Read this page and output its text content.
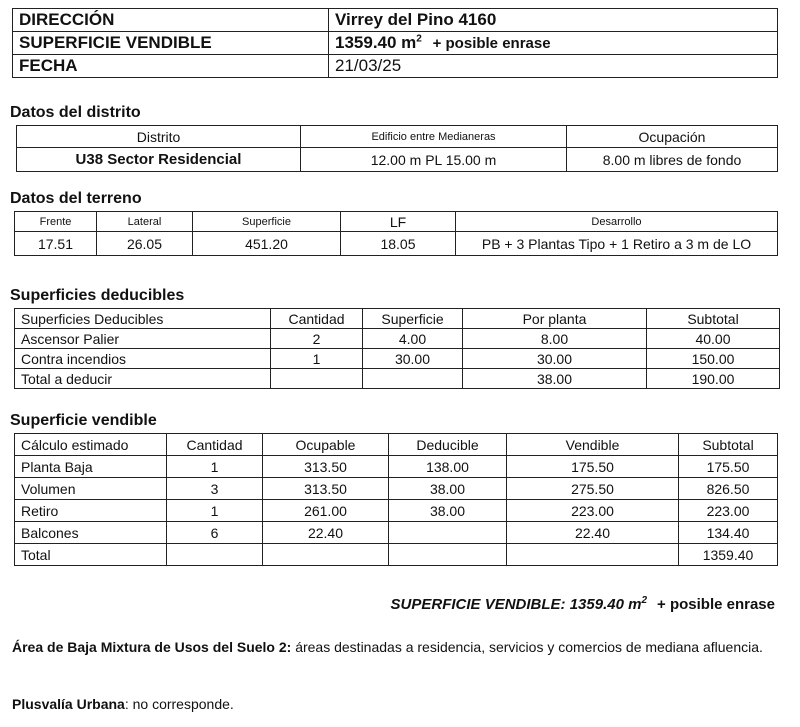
DIRECCIÓN	Virrey del Pino 4160
SUPERFICIE VENDIBLE	1359.40 $m^2$ + posible enrase
FECHA	21/03/25
Datos del distrito
Distrito	Edificio entre Medianeras	Ocupación
U38 Sector Residencial	12.00 m PL 15.00 m	8.00 m libres de fondo
Datos del terreno
Frente	Lateral	Superficie	LF	Desarrollo
17.51	26.05	451.20	18.05	PB + 3 Plantas Tipo + 1 Retiro a 3 m de LO
Superficies deducibles
Superficies Deducibles	Cantidad	Superficie	Por planta	Subtotal
Ascensor Palier	2	4.00	8.00	40.00
Contra incendios	1	30.00	30.00	150.00
Total a deducir			38.00	190.00
Superficie vendible
Cálculo estimado	Cantidad	Ocupable	Deducible	Vendible	Subtotal
Planta Baja	1	313.50	138.00	175.50	175.50
Volumen	3	313.50	38.00	275.50	826.50
Retiro	1	261.00	38.00	223.00	223.00
Balcones	6	22.40		22.40	134.40
Total					1359.40
SUPERFICIE VENDIBLE: 1359.40 $m^2$ + posible enrase

Área de Baja Mixtura de Usos del Suelo 2: áreas destinadas a residencia, servicios y comercios de mediana afluencia.

Plusvalía Urbana: no corresponde.
